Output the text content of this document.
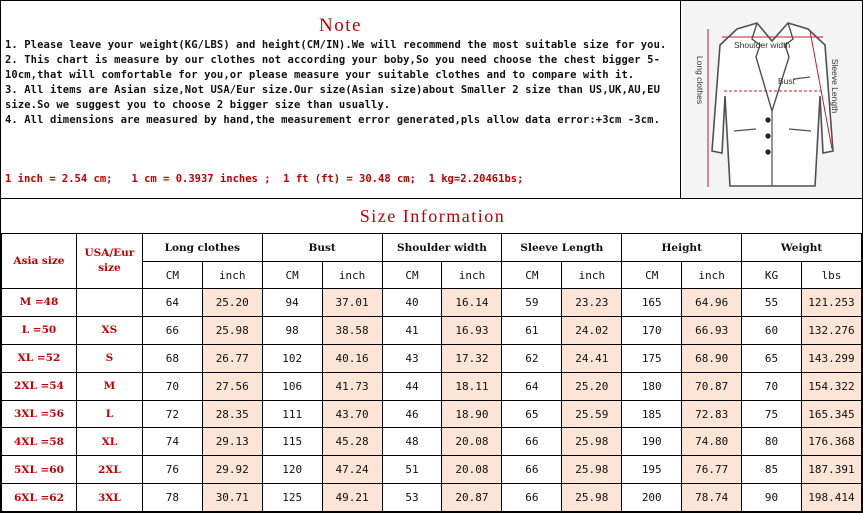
Note
1. Please leave your weight(KG/LBS) and height(CM/IN).We will recommend the most suitable size for you.
2. This chart is measure by our clothes not according your boby,So you need choose the chest bigger 5-10cm,that will comfortable for you,or please measure your suitable clothes and to compare with it.
3. All items are Asian size,Not USA/Eur size.Our size(Asian size)about Smaller 2 size than US,UK,AU,EU size.So we suggest you to choose 2 bigger size than usually.
4. All dimensions are measured by hand,the measurement error generated,pls allow data error:+3cm -3cm.
1 inch = 2.54 cm; 1 cm = 0.3937 inches ; 1 ft (ft) = 30.48 cm; 1 kg=2.20461bs;
Shoulder width
Bust
Long clothes	Sleeve Length
Size Information
Asia size	USA/Eur size	Long clothes		Bust		Shoulder width		Sleeve Length		Height		Weight	
		CM	inch	CM	inch	CM	inch	CM	inch	CM	inch	KG	lbs
M =48		64	25.20	94	37.01	40	16.14	59	23.23	165	64.96	55	121.253
L =50	XS	66	25.98	98	38.58	41	16.93	61	24.02	170	66.93	60	132.276
XL =52	S	68	26.77	102	40.16	43	17.32	62	24.41	175	68.90	65	143.299
2XL =54	M	70	27.56	106	41.73	44	18.11	64	25.20	180	70.87	70	154.322
3XL =56	L	72	28.35	111	43.70	46	18.90	65	25.59	185	72.83	75	165.345
4XL =58	XL	74	29.13	115	45.28	48	20.08	66	25.98	190	74.80	80	176.368
5XL =60	2XL	76	29.92	120	47.24	51	20.08	66	25.98	195	76.77	85	187.391
6XL =62	3XL	78	30.71	125	49.21	53	20.87	66	25.98	200	78.74	90	198.414
